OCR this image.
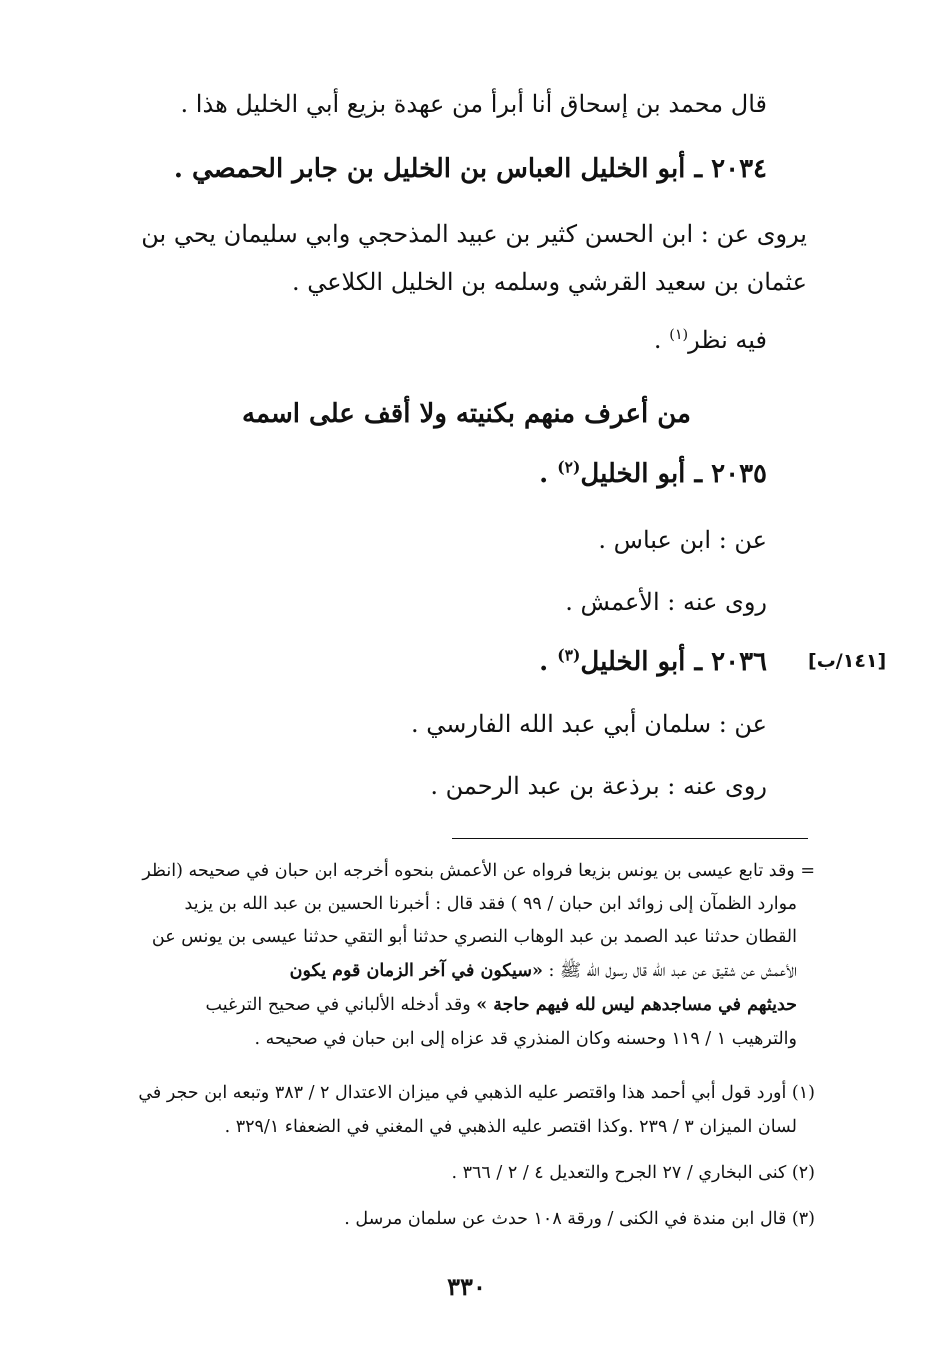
قال محمد بن إسحاق أنا أبرأ من عهدة بزيع أبي الخليل هذا .
٢٠٣٤ ـ أبو الخليل العباس بن الخليل بن جابر الحمصي .
يروى عن : ابن الحسن كثير بن عبيد المذحجي وابي سليمان يحي بن
عثمان بن سعيد القرشي وسلمه بن الخليل الكلاعي .
فيه نظر$^{(١)}$ .
من أعرف منهم بكنيته ولا أقف على اسمه
٢٠٣٥ ـ أبو الخليل$^{(٢)}$ .
عن : ابن عباس .
روى عنه : الأعمش .
[١٤١/ب]
٢٠٣٦ ـ أبو الخليل$^{(٣)}$ .
عن : سلمان أبي عبد الله الفارسي .
روى عنه : برذعة بن عبد الرحمن .
= وقد تابع عيسى بن يونس بزيعا فرواه عن الأعمش بنحوه أخرجه ابن حبان في صحيحه (انظر
موارد الظمآن إلى زوائد ابن حبان / ٩٩ ) فقد قال : أخبرنا الحسين بن عبد الله بن يزيد
القطان حدثنا عبد الصمد بن عبد الوهاب النصري حدثنا أبو التقي حدثنا عيسى بن يونس عن
الأعمش عن شقيق عن عبد الله قال رسول الله ﷺ : «سيكون في آخر الزمان قوم يكون
حديثهم في مساجدهم ليس لله فيهم حاجة » وقد أدخله الألباني في صحيح الترغيب
والترهيب ١ / ١١٩ وحسنه وكان المنذري قد عزاه إلى ابن حبان في صحيحه .
(١) أورد قول أبي أحمد هذا واقتصر عليه الذهبي في ميزان الاعتدال ٢ / ٣٨٣ وتبعه ابن حجر في
لسان الميزان ٣ / ٢٣٩ .وكذا اقتصر عليه الذهبي في المغني في الضعفاء ٣٢٩/١ .
(٢) كنى البخاري / ٢٧ الجرح والتعديل ٤ / ٢ / ٣٦٦ .
(٣) قال ابن مندة في الكنى / ورقة ١٠٨ حدث عن سلمان مرسل .
٣٣٠
